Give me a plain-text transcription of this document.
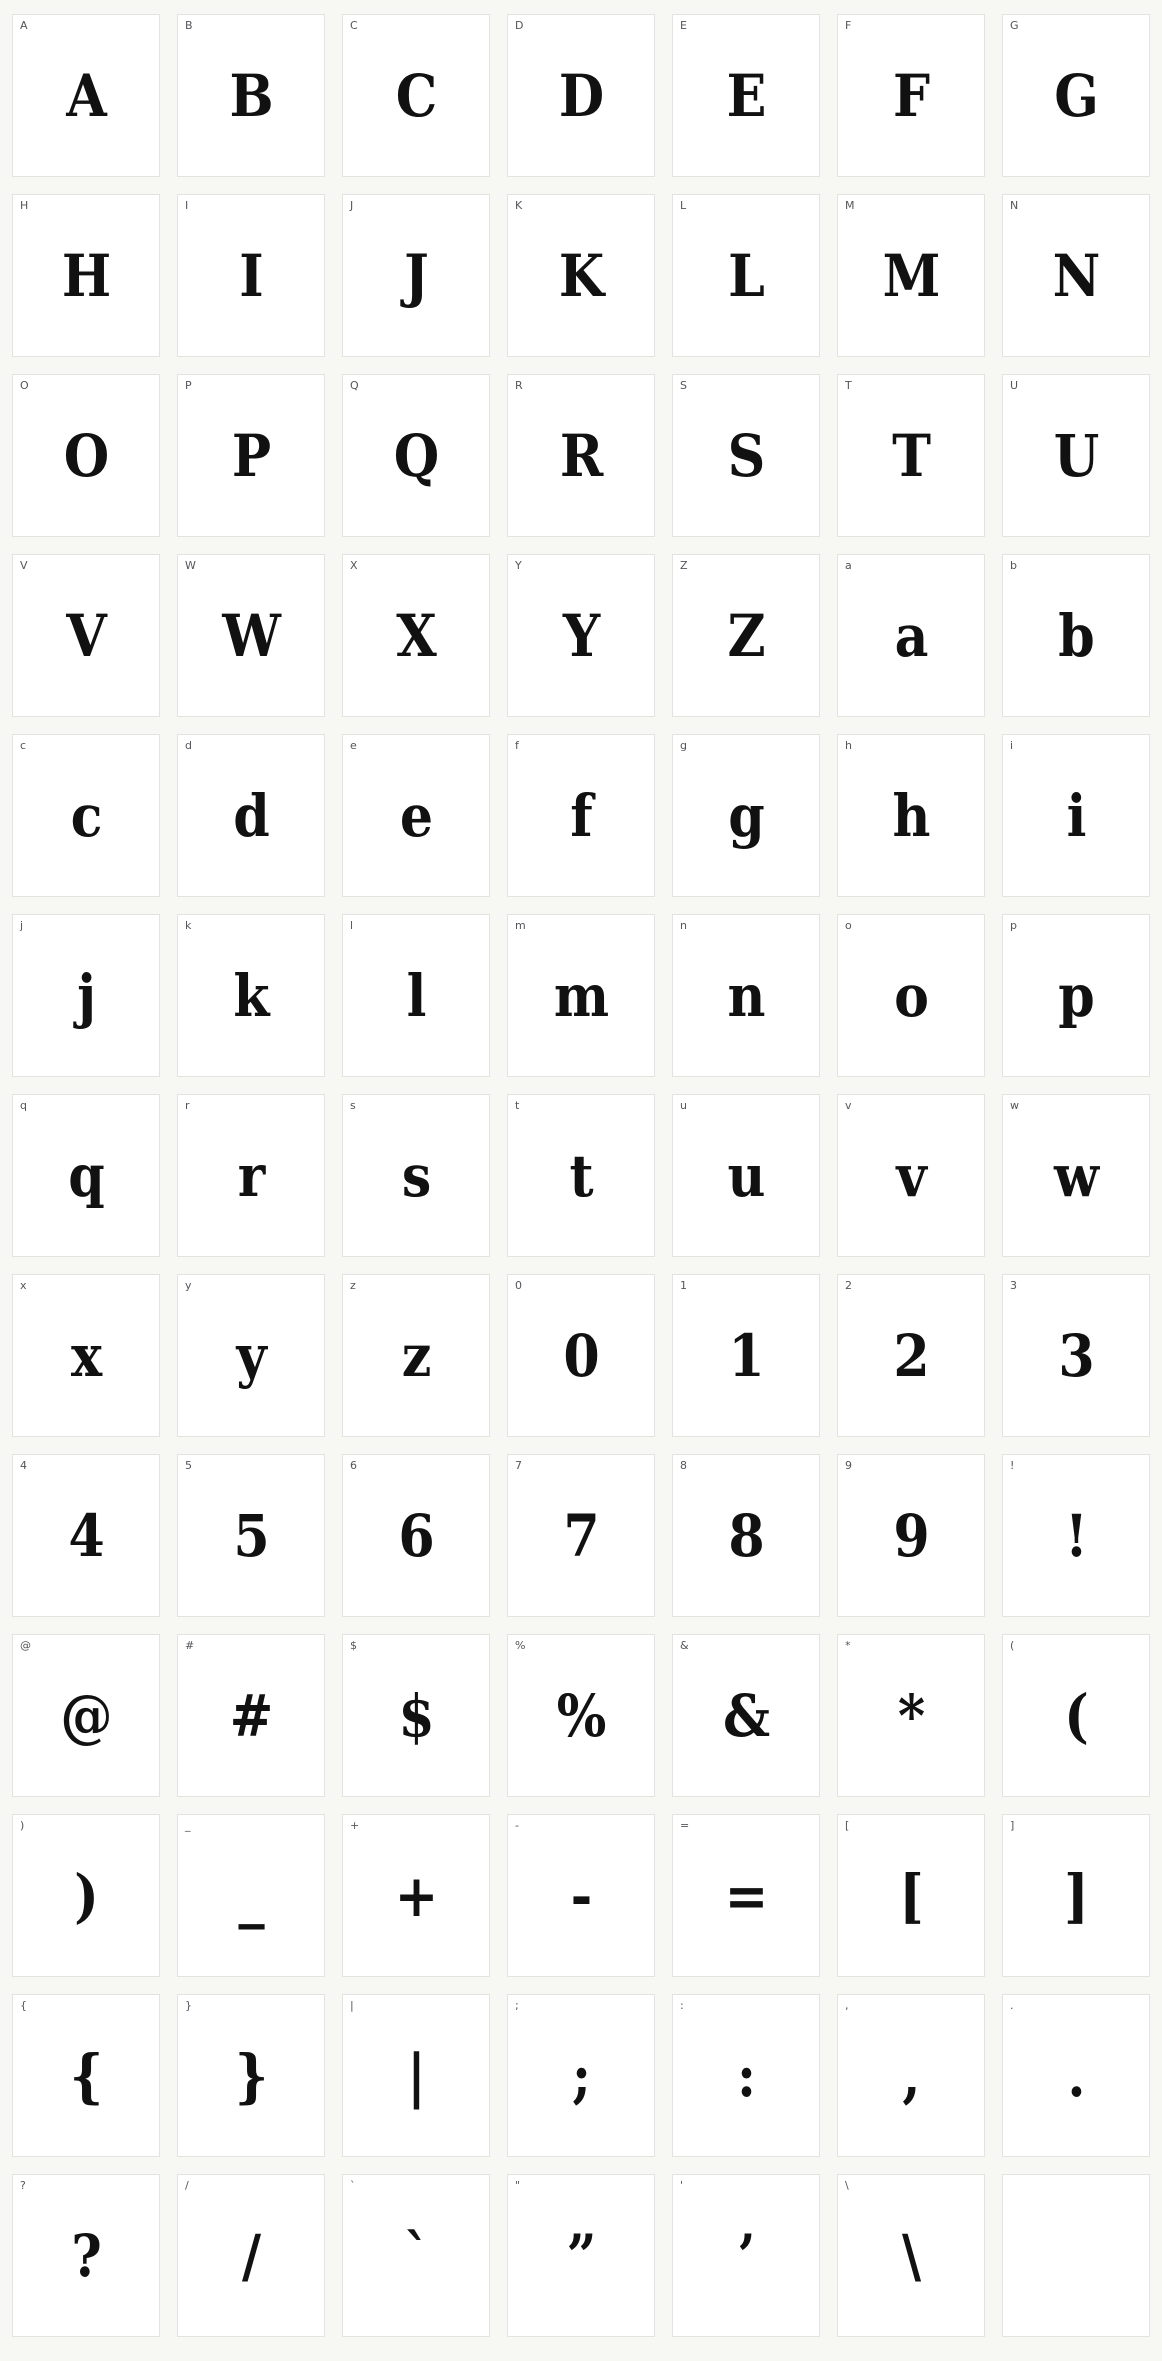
A
A
B
B
C
C
D
D
E
E
F
F
G
G
H
H
I
I
J
J
K
K
L
L
M
M
N
N
O
O
P
P
Q
Q
R
R
S
S
T
T
U
U
V
V
W
W
X
X
Y
Y
Z
Z
a
a
b
b
c
c
d
d
e
e
f
f
g
g
h
h
i
i
j
j
k
k
l
l
m
m
n
n
o
o
p
p
q
q
r
r
s
s
t
t
u
u
v
v
w
w
x
x
y
y
z
z
0
0
1
1
2
2
3
3
4
4
5
5
6
6
7
7
8
8
9
9
!
!
@
@
#
#
$
$
%
%
&
&
*
*
(
(
)
)
_
_
+
+
-
-
=
=
[
[
]
]
{
{
}
}
|
|
;
;
:
:
,
,
.
.
?
?
/
/
`
`
"
”
'
’
\
\
